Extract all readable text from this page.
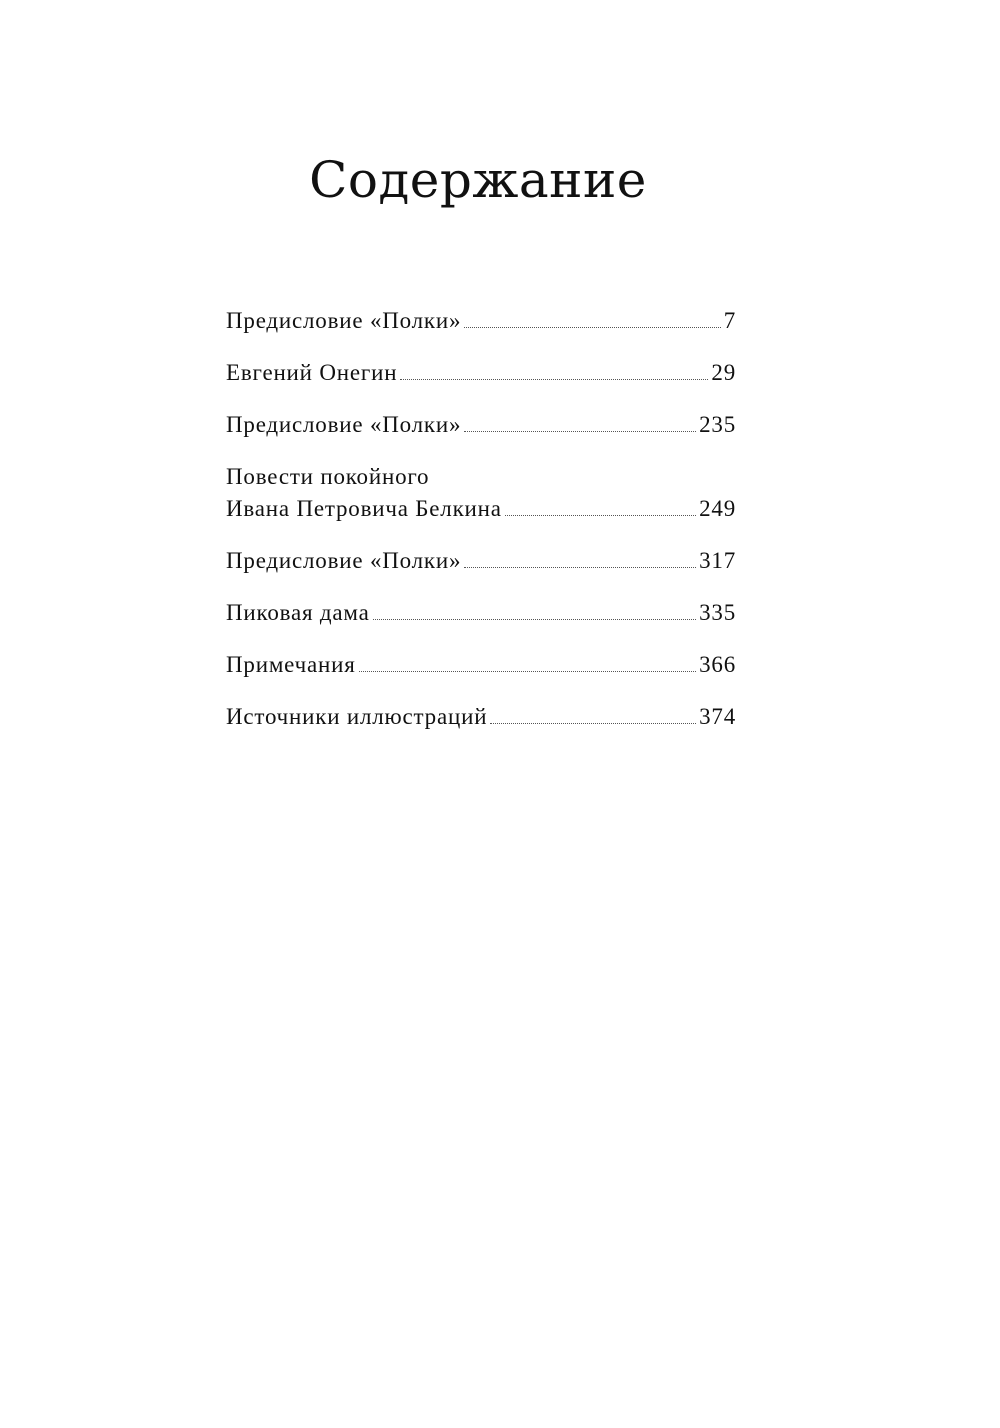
Содержание
Предисловие «Полки»	7
Евгений Онегин	29
Предисловие «Полки»	235
Повести покойного
Ивана Петровича Белкина	249
Предисловие «Полки»	317
Пиковая дама	335
Примечания	366
Источники иллюстраций	374
